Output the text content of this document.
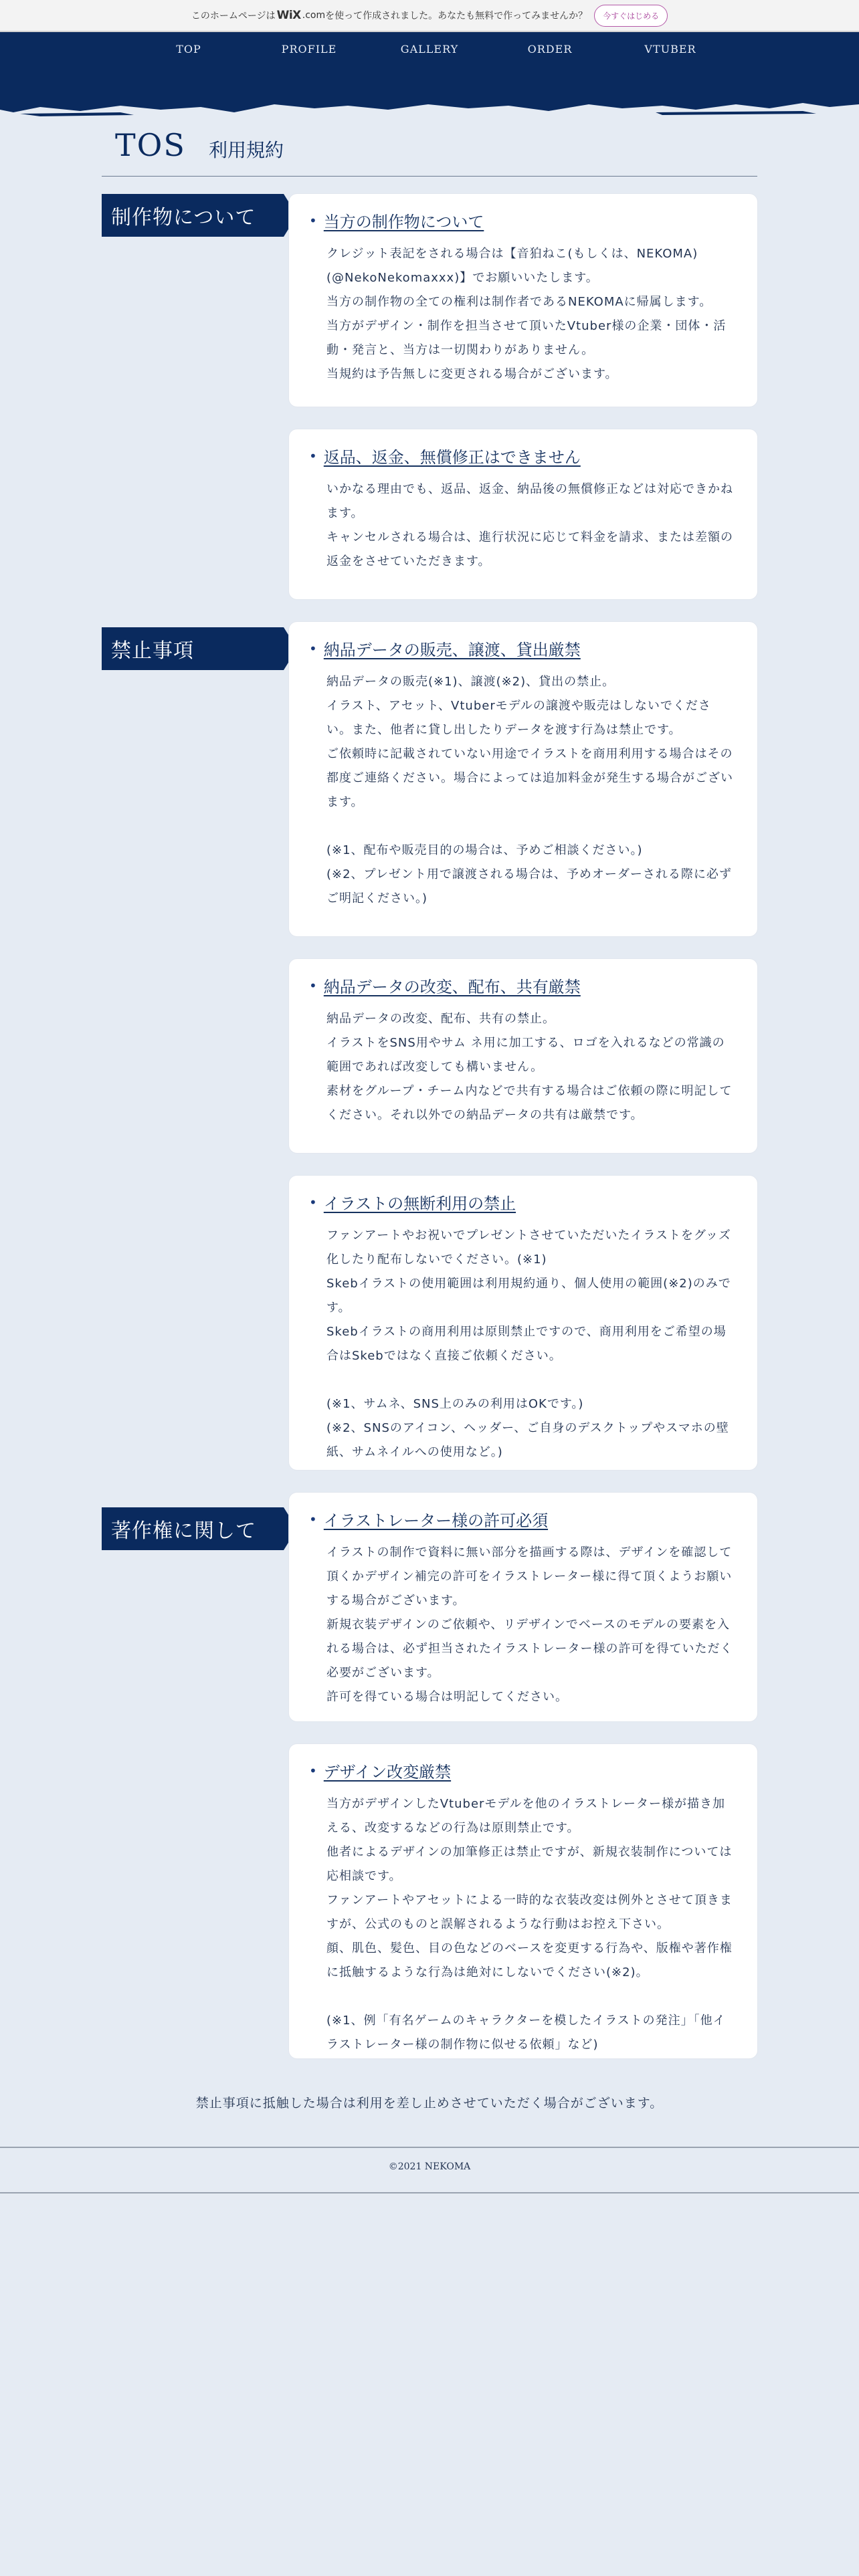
このホームページは WiX .com を使って作成されました。あなたも無料で作ってみませんか？	今すぐはじめる
TOP	PROFILE	GALLERY	ORDER	VTUBER
TOS 利用規約
制作物について	• 当方の制作物について

クレジット表記をされる場合は【音狛ねこ(もしくは、NEKOMA)(@NekoNekomaxxx)】でお願いいたします。

当方の制作物の全ての権利は制作者であるNEKOMAに帰属します。

当方がデザイン・制作を担当させて頂いたVtuber様の企業・団体・活動・発言と、当方は一切関わりがありません。

当規約は予告無しに変更される場合がございます。

• 返品、返金、無償修正はできません

いかなる理由でも、返品、返金、納品後の無償修正などは対応できかねます。

キャンセルされる場合は、進行状況に応じて料金を請求、または差額の返金をさせていただきます。

禁止事項	• 納品データの販売、譲渡、貸出厳禁

納品データの販売(※1)、譲渡(※2)、貸出の禁止。

イラスト、アセット、Vtuberモデルの譲渡や販売はしないでください。また、他者に貸し出したりデータを渡す行為は禁止です。

ご依頼時に記載されていない用途でイラストを商用利用する場合はその都度ご連絡ください。場合によっては追加料金が発生する場合がございます。

(※1、配布や販売目的の場合は、予めご相談ください。)

(※2、プレゼント用で譲渡される場合は、予めオーダーされる際に必ずご明記ください。)

• 納品データの改変、配布、共有厳禁

納品データの改変、配布、共有の禁止。

イラストをSNS用やサム ネ用に加工する、ロゴを入れるなどの常識の範囲であれば改変しても構いません。

素材をグループ・チーム内などで共有する場合はご依頼の際に明記してください。それ以外での納品データの共有は厳禁です。

• イラストの無断利用の禁止

ファンアートやお祝いでプレゼントさせていただいたイラストをグッズ化したり配布しないでください。(※1)

Skebイラストの使用範囲は利用規約通り、個人使用の範囲(※2)のみです。

Skebイラストの商用利用は原則禁止ですので、商用利用をご希望の場合はSkebではなく直接ご依頼ください。

(※1、サムネ、SNS上のみの利用はOKです。)

(※2、SNSのアイコン、ヘッダー、ご自身のデスクトップやスマホの壁紙、サムネイルへの使用など。)

著作権に関して
• イラストレーター様の許可必須

イラストの制作で資料に無い部分を描画する際は、デザインを確認して頂くかデザイン補完の許可をイラストレーター様に得て頂くようお願いする場合がございます。

新規衣装デザインのご依頼や、リデザインでベースのモデルの要素を入れる場合は、必ず担当されたイラストレーター様の許可を得ていただく必要がございます。

許可を得ている場合は明記してください。

• デザイン改変厳禁

当方がデザインしたVtuberモデルを他のイラストレーター様が描き加える、改変するなどの行為は原則禁止です。

他者によるデザインの加筆修正は禁止ですが、新規衣装制作については応相談です。

ファンアートやアセットによる一時的な衣装改変は例外とさせて頂きますが、公式のものと誤解されるような行動はお控え下さい。

顔、肌色、髪色、目の色などのベースを変更する行為や、版権や著作権に抵触するような行為は絶対にしないでください(※2)。

(※1、例「有名ゲームのキャラクターを模したイラストの発注」「他イラストレーター様の制作物に似せる依頼」など)

禁止事項に抵触した場合は利用を差し止めさせていただく場合がございます。
©2021 NEKOMA
